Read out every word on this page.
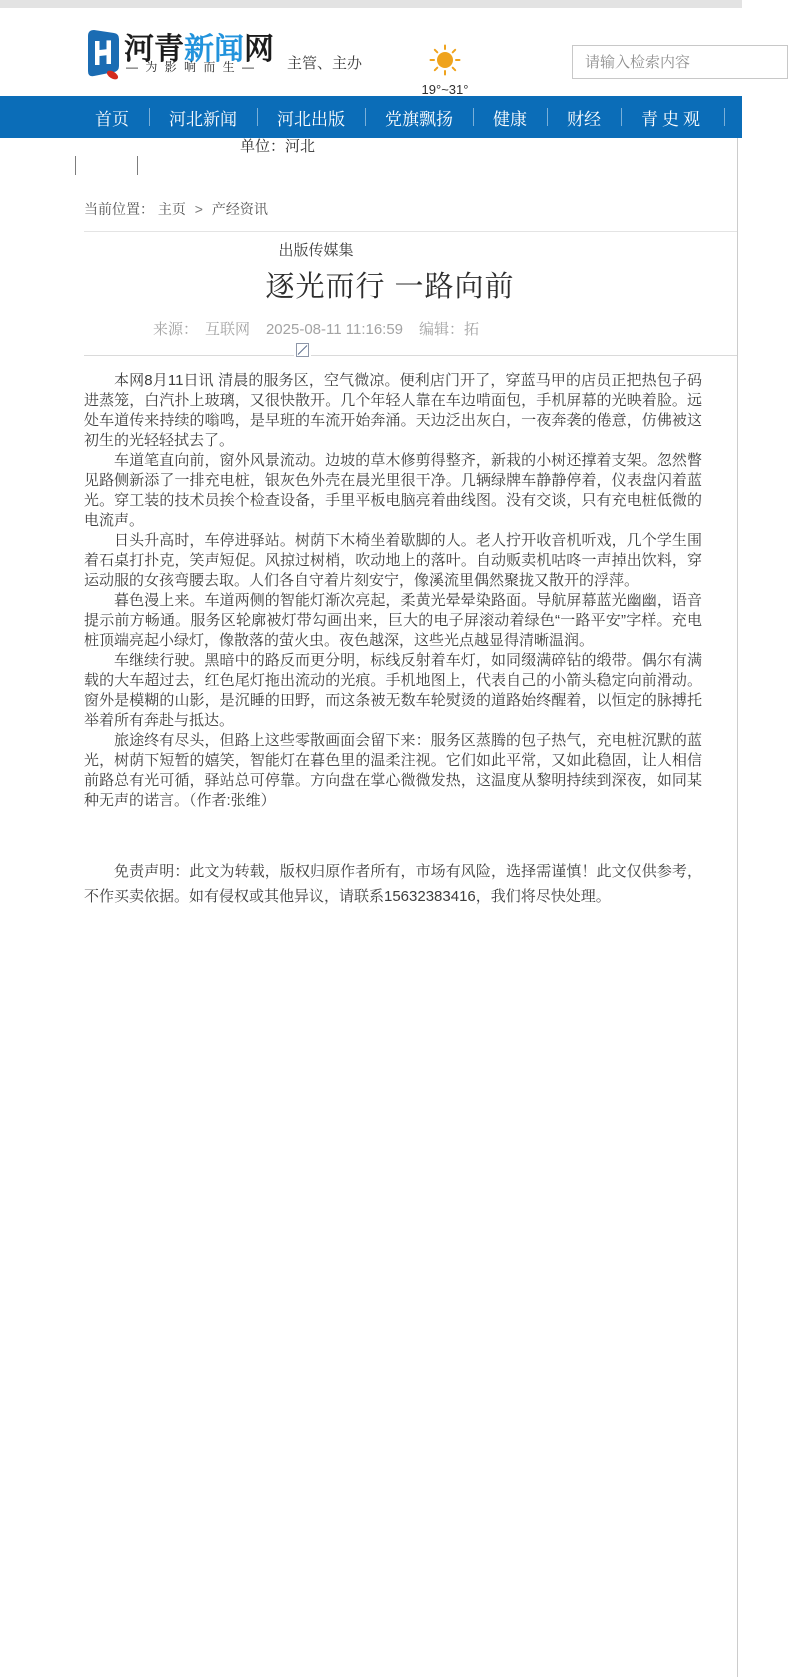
河青新闻网
— 为 影 响 而 生 — 主管、主办
19°~31°
请输入检索内容
首页	河北新闻	河北出版	党旗飘扬	健康	财经	青史观	河
单位：河北
当前位置： 主页 > 产经资讯
出版传媒集
逐光而行 一路向前
来源： 互联网 2025-08-11 11:16:59 编辑：拓

本网8月11日讯 清晨的服务区，空气微凉。便利店门开了，穿蓝马甲的店员正把热包子码进蒸笼，白汽扑上玻璃，又很快散开。几个年轻人靠在车边啃面包，手机屏幕的光映着脸。远处车道传来持续的嗡鸣，是早班的车流开始奔涌。天边泛出灰白，一夜奔袭的倦意，仿佛被这初生的光轻轻拭去了。

车道笔直向前，窗外风景流动。边坡的草木修剪得整齐，新栽的小树还撑着支架。忽然瞥见路侧新添了一排充电桩，银灰色外壳在晨光里很干净。几辆绿牌车静静停着，仪表盘闪着蓝光。穿工装的技术员挨个检查设备，手里平板电脑亮着曲线图。没有交谈，只有充电桩低微的电流声。

日头升高时，车停进驿站。树荫下木椅坐着歇脚的人。老人拧开收音机听戏，几个学生围着石桌打扑克，笑声短促。风掠过树梢，吹动地上的落叶。自动贩卖机咕咚一声掉出饮料，穿运动服的女孩弯腰去取。人们各自守着片刻安宁，像溪流里偶然聚拢又散开的浮萍。

暮色漫上来。车道两侧的智能灯渐次亮起，柔黄光晕晕染路面。导航屏幕蓝光幽幽，语音提示前方畅通。服务区轮廓被灯带勾画出来，巨大的电子屏滚动着绿色“一路平安”字样。充电桩顶端亮起小绿灯，像散落的萤火虫。夜色越深，这些光点越显得清晰温润。

车继续行驶。黑暗中的路反而更分明，标线反射着车灯，如同缀满碎钻的缎带。偶尔有满载的大车超过去，红色尾灯拖出流动的光痕。手机地图上，代表自己的小箭头稳定向前滑动。窗外是模糊的山影，是沉睡的田野，而这条被无数车轮熨烫的道路始终醒着，以恒定的脉搏托举着所有奔赴与抵达。

旅途终有尽头，但路上这些零散画面会留下来：服务区蒸腾的包子热气，充电桩沉默的蓝光，树荫下短暂的嬉笑，智能灯在暮色里的温柔注视。它们如此平常，又如此稳固，让人相信前路总有光可循，驿站总可停靠。方向盘在掌心微微发热，这温度从黎明持续到深夜，如同某种无声的诺言。（作者:张维）

免责声明：此文为转载，版权归原作者所有，市场有风险，选择需谨慎！此文仅供参考，不作买卖依据。如有侵权或其他异议，请联系15632383416，我们将尽快处理。
